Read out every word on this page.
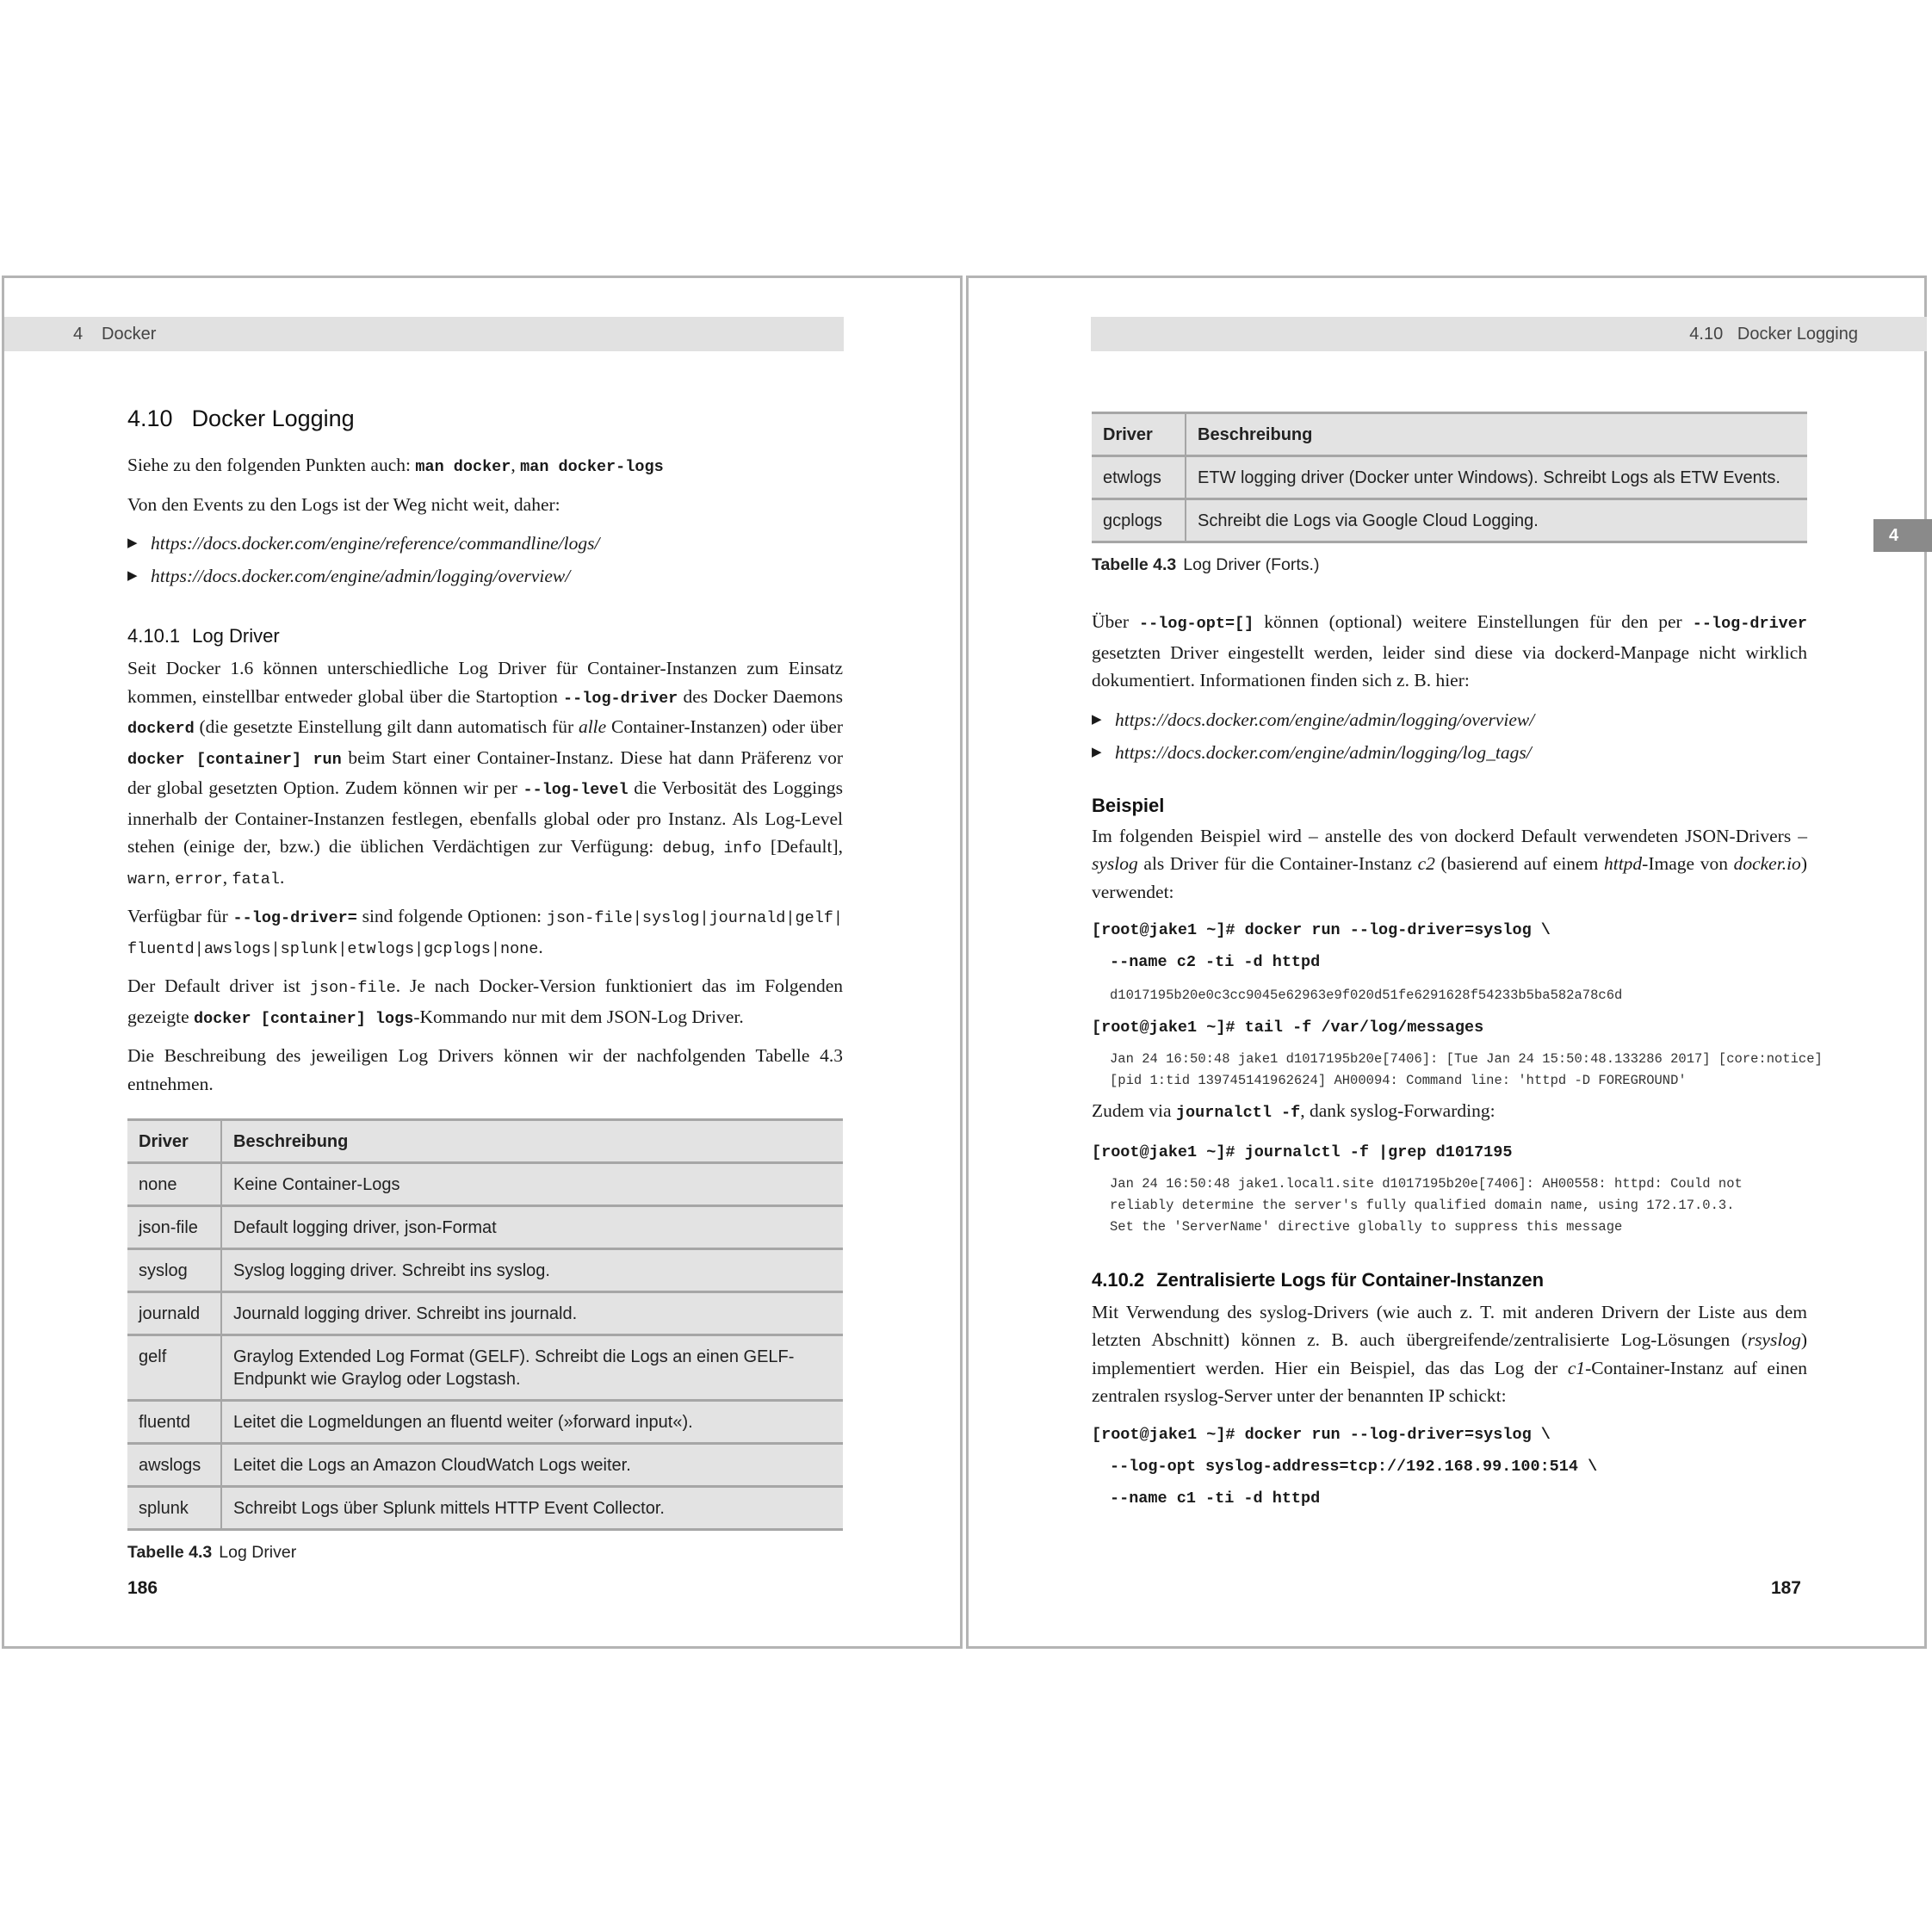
4 Docker
4.10 Docker Logging

Siehe zu den folgenden Punkten auch: man docker, man docker-logs

Von den Events zu den Logs ist der Weg nicht weit, daher:

▶ https://docs.docker.com/engine/reference/commandline/logs/
▶ https://docs.docker.com/engine/admin/logging/overview/
4.10.1 Log Driver

Seit Docker 1.6 können unterschiedliche Log Driver für Container-Instanzen zum Einsatz kommen, einstellbar entweder global über die Startoption --log-driver des Docker Daemons dockerd (die gesetzte Einstellung gilt dann automatisch für alle Container-Instanzen) oder über docker [container] run beim Start einer Container-Instanz. Diese hat dann Präferenz vor der global gesetzten Option. Zudem können wir per --log-level die Verbosität des Loggings innerhalb der Container-Instanzen festlegen, ebenfalls global oder pro Instanz. Als Log-Level stehen (einige der, bzw.) die üblichen Verdächtigen zur Verfügung: debug, info [Default], warn, error, fatal.

Verfügbar für --log-driver= sind folgende Optionen: json-file|syslog|journald|gelf|fluentd|awslogs|splunk|etwlogs|gcplogs|none.

Der Default driver ist json-file. Je nach Docker-Version funktioniert das im Folgenden gezeigte docker [container] logs-Kommando nur mit dem JSON-Log Driver.

Die Beschreibung des jeweiligen Log Drivers können wir der nachfolgenden Tabelle 4.3 entnehmen.

Driver	Beschreibung
none	Keine Container-Logs
json-file	Default logging driver, json-Format
syslog	Syslog logging driver. Schreibt ins syslog.
journald	Journald logging driver. Schreibt ins journald.
gelf	Graylog Extended Log Format (GELF). Schreibt die Logs an einen GELF-Endpunkt wie Graylog oder Logstash.
fluentd	Leitet die Logmeldungen an fluentd weiter (»forward input«).
awslogs	Leitet die Logs an Amazon CloudWatch Logs weiter.
splunk	Schreibt Logs über Splunk mittels HTTP Event Collector.
Tabelle 4.3 Log Driver
186
4.10 Docker Logging
Driver	Beschreibung
etwlogs	ETW logging driver (Docker unter Windows). Schreibt Logs als ETW Events.
gcplogs	Schreibt die Logs via Google Cloud Logging.
Tabelle 4.3 Log Driver (Forts.)

Über --log-opt=[] können (optional) weitere Einstellungen für den per --log-driver gesetzten Driver eingestellt werden, leider sind diese via dockerd-Manpage nicht wirklich dokumentiert. Informationen finden sich z. B. hier:

▶ https://docs.docker.com/engine/admin/logging/overview/
▶ https://docs.docker.com/engine/admin/logging/log_tags/
Beispiel

Im folgenden Beispiel wird – anstelle des von dockerd Default verwendeten JSON-Drivers – syslog als Driver für die Container-Instanz c2 (basierend auf einem httpd-Image von docker.io) verwendet:

[root@jake1 ~]# docker run --log-driver=syslog \
--name c2 -ti -d httpd
d1017195b20e0c3cc9045e62963e9f020d51fe6291628f54233b5ba582a78c6d
[root@jake1 ~]# tail -f /var/log/messages
Jan 24 16:50:48 jake1 d1017195b20e[7406]: [Tue Jan 24 15:50:48.133286 2017] [core:notice]
[pid 1:tid 139745141962624] AH00094: Command line: 'httpd -D FOREGROUND'

Zudem via journalctl -f, dank syslog-Forwarding:

[root@jake1 ~]# journalctl -f |grep d1017195
Jan 24 16:50:48 jake1.local1.site d1017195b20e[7406]: AH00558: httpd: Could not
reliably determine the server's fully qualified domain name, using 172.17.0.3.
Set the 'ServerName' directive globally to suppress this message
4.10.2 Zentralisierte Logs für Container-Instanzen

Mit Verwendung des syslog-Drivers (wie auch z. T. mit anderen Drivern der Liste aus dem letzten Abschnitt) können z. B. auch übergreifende/zentralisierte Log-Lösungen (rsyslog) implementiert werden. Hier ein Beispiel, das das Log der c1-Container-Instanz auf einen zentralen rsyslog-Server unter der benannten IP schickt:

[root@jake1 ~]# docker run --log-driver=syslog \
--log-opt syslog-address=tcp://192.168.99.100:514 \
--name c1 -ti -d httpd
187
4
